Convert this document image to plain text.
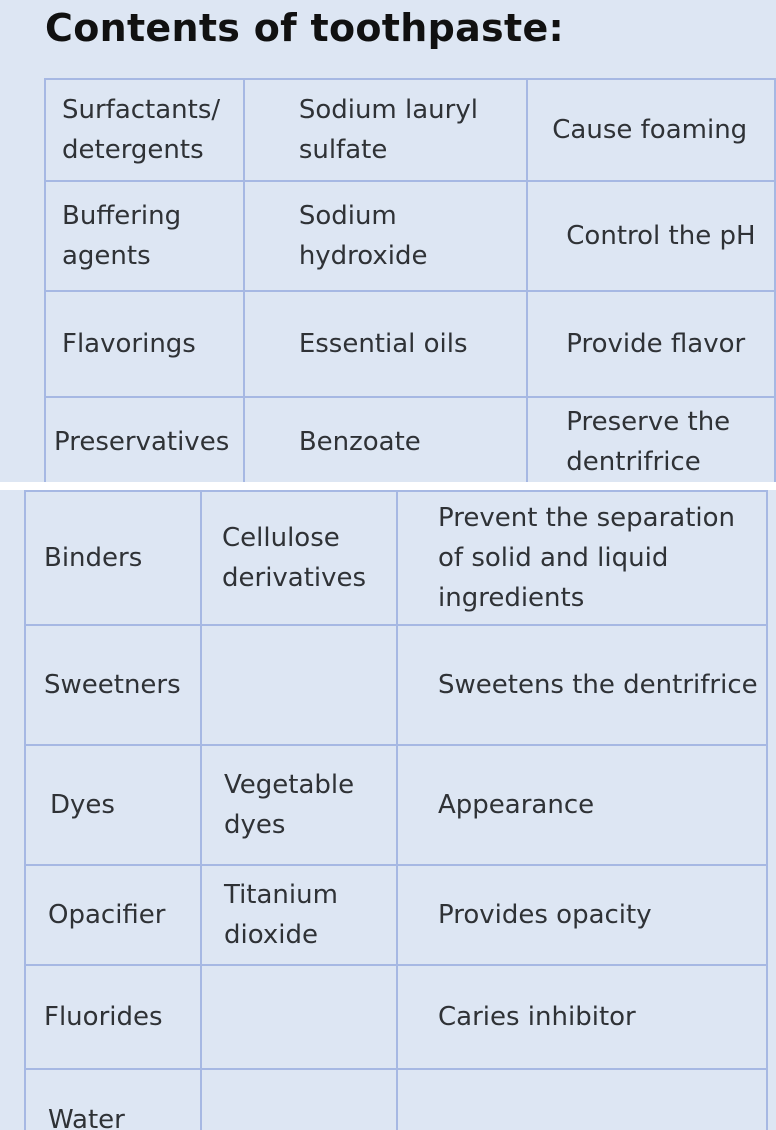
Contents of toothpaste:
Surfactants/ detergents	Sodium lauryl sulfate	Cause foaming

Buffering agents	Sodium hydroxide	Control the pH

Flavorings	Essential oils	Provide flavor

Preservatives	Benzoate	Preserve the dentrifrice
Binders	Cellulose derivatives	Prevent the separation of solid and liquid ingredients

Sweetners		Sweetens the dentrifrice

Dyes	Vegetable dyes	Appearance

Opacifier	Titanium dioxide	Provides opacity

Fluorides		Caries inhibitor

Water		
